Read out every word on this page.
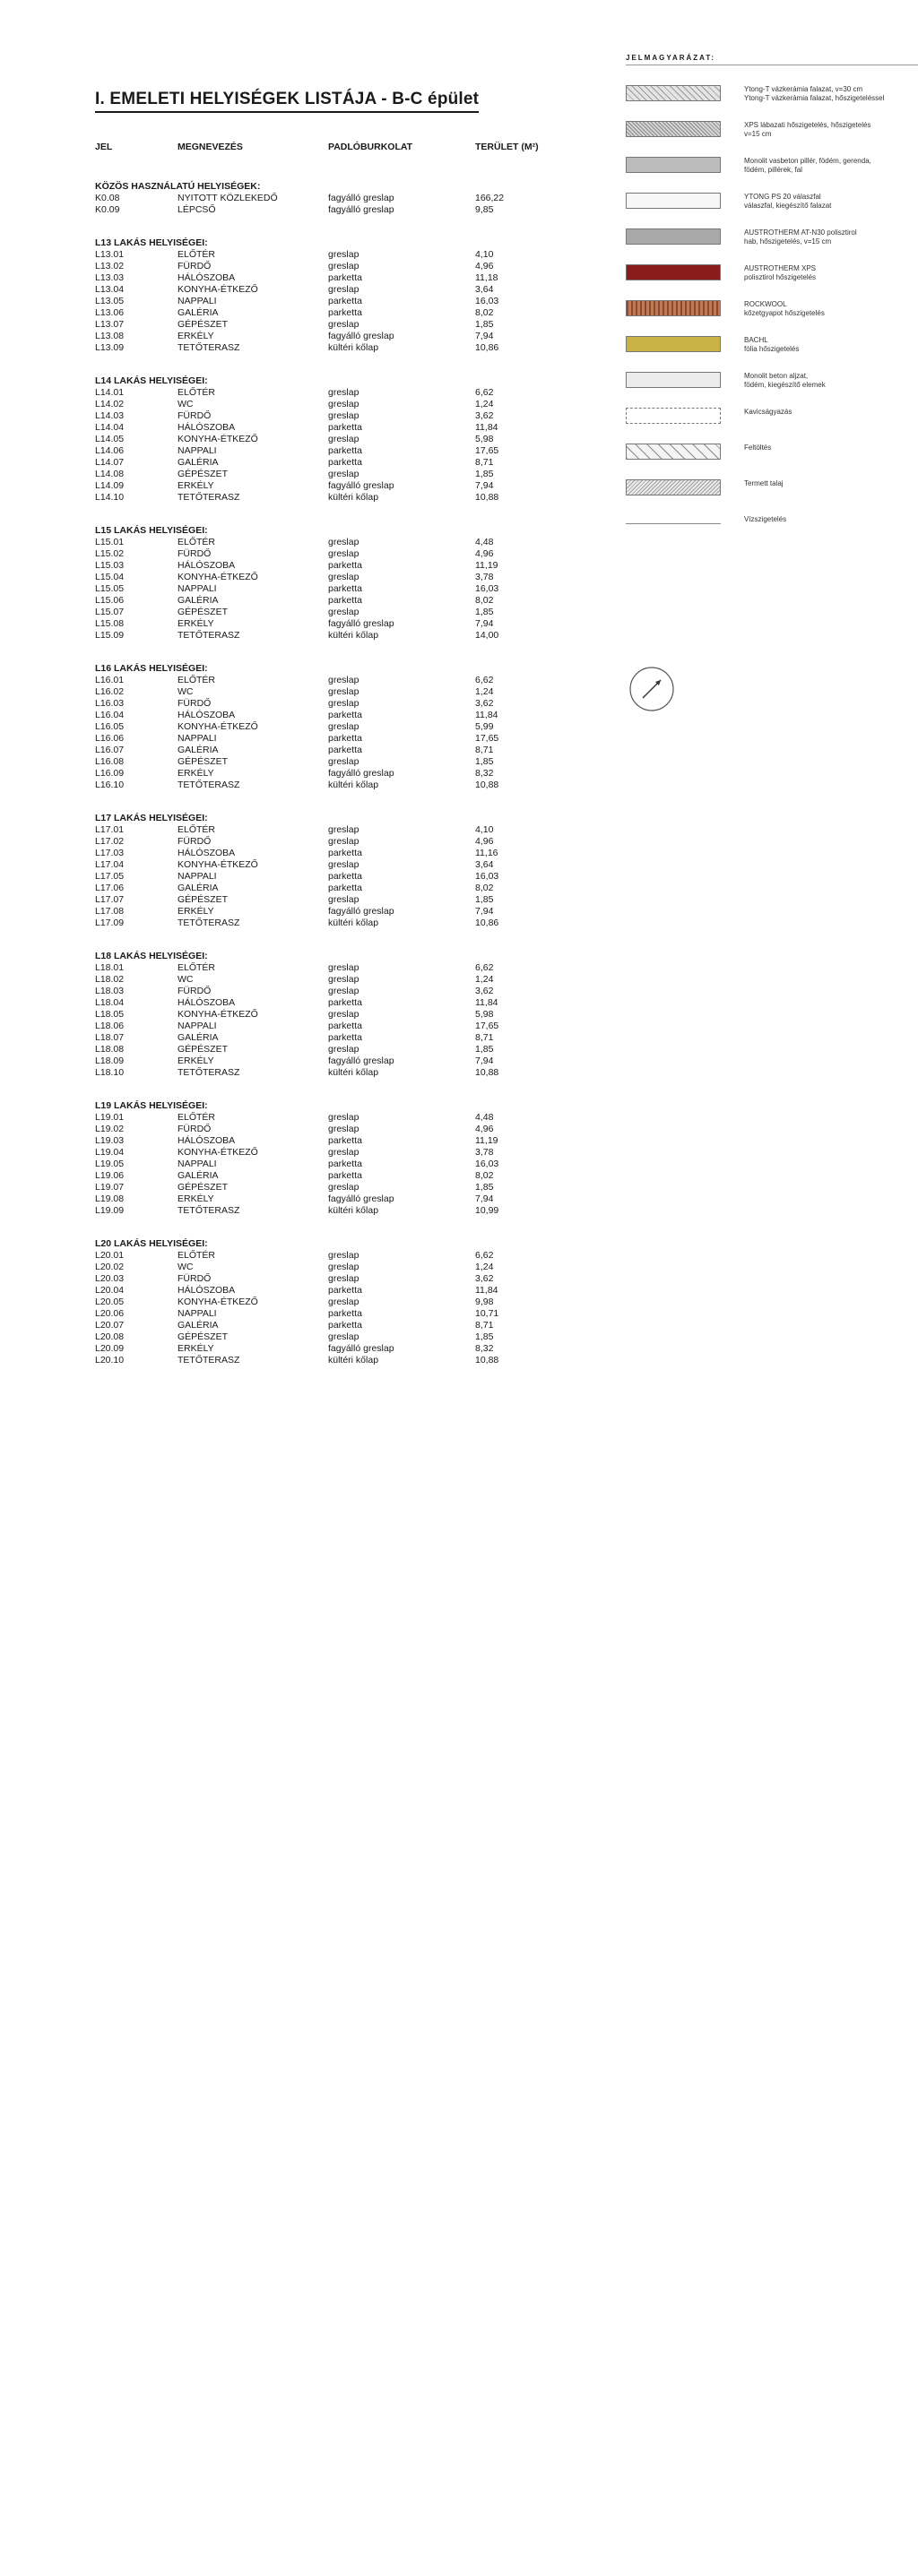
I. EMELETI HELYISÉGEK LISTÁJA - B-C épület
JEL	MEGNEVEZÉS	PADLÓBURKOLAT	TERÜLET (M²)
KÖZÖS HASZNÁLATÚ HELYISÉGEK:
K0.08	NYITOTT KÖZLEKEDŐ	fagyálló greslap	166,22
K0.09	LÉPCSŐ	fagyálló greslap	9,85
L13 LAKÁS HELYISÉGEI:
L13.01	ELŐTÉR	greslap	4,10
L13.02	FÜRDŐ	greslap	4,96
L13.03	HÁLÓSZOBA	parketta	11,18
L13.04	KONYHA-ÉTKEZŐ	greslap	3,64
L13.05	NAPPALI	parketta	16,03
L13.06	GALÉRIA	parketta	8,02
L13.07	GÉPÉSZET	greslap	1,85
L13.08	ERKÉLY	fagyálló greslap	7,94
L13.09	TETŐTERASZ	kültéri kőlap	10,86
L14 LAKÁS HELYISÉGEI:
L14.01	ELŐTÉR	greslap	6,62
L14.02	WC	greslap	1,24
L14.03	FÜRDŐ	greslap	3,62
L14.04	HÁLÓSZOBA	parketta	11,84
L14.05	KONYHA-ÉTKEZŐ	greslap	5,98
L14.06	NAPPALI	parketta	17,65
L14.07	GALÉRIA	parketta	8,71
L14.08	GÉPÉSZET	greslap	1,85
L14.09	ERKÉLY	fagyálló greslap	7,94
L14.10	TETŐTERASZ	kültéri kőlap	10,88
L15 LAKÁS HELYISÉGEI:
L15.01	ELŐTÉR	greslap	4,48
L15.02	FÜRDŐ	greslap	4,96
L15.03	HÁLÓSZOBA	parketta	11,19
L15.04	KONYHA-ÉTKEZŐ	greslap	3,78
L15.05	NAPPALI	parketta	16,03
L15.06	GALÉRIA	parketta	8,02
L15.07	GÉPÉSZET	greslap	1,85
L15.08	ERKÉLY	fagyálló greslap	7,94
L15.09	TETŐTERASZ	kültéri kőlap	14,00
L16 LAKÁS HELYISÉGEI:
L16.01	ELŐTÉR	greslap	6,62
L16.02	WC	greslap	1,24
L16.03	FÜRDŐ	greslap	3,62
L16.04	HÁLÓSZOBA	parketta	11,84
L16.05	KONYHA-ÉTKEZŐ	greslap	5,99
L16.06	NAPPALI	parketta	17,65
L16.07	GALÉRIA	parketta	8,71
L16.08	GÉPÉSZET	greslap	1,85
L16.09	ERKÉLY	fagyálló greslap	8,32
L16.10	TETŐTERASZ	kültéri kőlap	10,88
L17 LAKÁS HELYISÉGEI:
L17.01	ELŐTÉR	greslap	4,10
L17.02	FÜRDŐ	greslap	4,96
L17.03	HÁLÓSZOBA	parketta	11,16
L17.04	KONYHA-ÉTKEZŐ	greslap	3,64
L17.05	NAPPALI	parketta	16,03
L17.06	GALÉRIA	parketta	8,02
L17.07	GÉPÉSZET	greslap	1,85
L17.08	ERKÉLY	fagyálló greslap	7,94
L17.09	TETŐTERASZ	kültéri kőlap	10,86
L18 LAKÁS HELYISÉGEI:
L18.01	ELŐTÉR	greslap	6,62
L18.02	WC	greslap	1,24
L18.03	FÜRDŐ	greslap	3,62
L18.04	HÁLÓSZOBA	parketta	11,84
L18.05	KONYHA-ÉTKEZŐ	greslap	5,98
L18.06	NAPPALI	parketta	17,65
L18.07	GALÉRIA	parketta	8,71
L18.08	GÉPÉSZET	greslap	1,85
L18.09	ERKÉLY	fagyálló greslap	7,94
L18.10	TETŐTERASZ	kültéri kőlap	10,88
L19 LAKÁS HELYISÉGEI:
L19.01	ELŐTÉR	greslap	4,48
L19.02	FÜRDŐ	greslap	4,96
L19.03	HÁLÓSZOBA	parketta	11,19
L19.04	KONYHA-ÉTKEZŐ	greslap	3,78
L19.05	NAPPALI	parketta	16,03
L19.06	GALÉRIA	parketta	8,02
L19.07	GÉPÉSZET	greslap	1,85
L19.08	ERKÉLY	fagyálló greslap	7,94
L19.09	TETŐTERASZ	kültéri kőlap	10,99
L20 LAKÁS HELYISÉGEI:
L20.01	ELŐTÉR	greslap	6,62
L20.02	WC	greslap	1,24
L20.03	FÜRDŐ	greslap	3,62
L20.04	HÁLÓSZOBA	parketta	11,84
L20.05	KONYHA-ÉTKEZŐ	greslap	9,98
L20.06	NAPPALI	parketta	10,71
L20.07	GALÉRIA	parketta	8,71
L20.08	GÉPÉSZET	greslap	1,85
L20.09	ERKÉLY	fagyálló greslap	8,32
L20.10	TETŐTERASZ	kültéri kőlap	10,88
JELMAGYARÁZAT:
Ytong-T vázkerámia falazat, v=30 cm
Ytong-T vázkerámia falazat, hőszigeteléssel
XPS lábazati hőszigetelés, hőszigetelés
v=15 cm
Monolit vasbeton pillér, födém, gerenda,
födém, pillérek, fal
YTONG PS 20 válaszfal
válaszfal, kiegészítő falazat
AUSTROTHERM AT-N30 polisztirol
hab, hőszigetelés, v=15 cm
AUSTROTHERM XPS
polisztirol hőszigetelés
ROCKWOOL
kőzetgyapot hőszigetelés
BACHL
fólia hőszigetelés
Monolit beton aljzat,
födém, kiegészítő elemek
Kavicságyazás
Feltöltés
Termett talaj
Vízszigetelés
